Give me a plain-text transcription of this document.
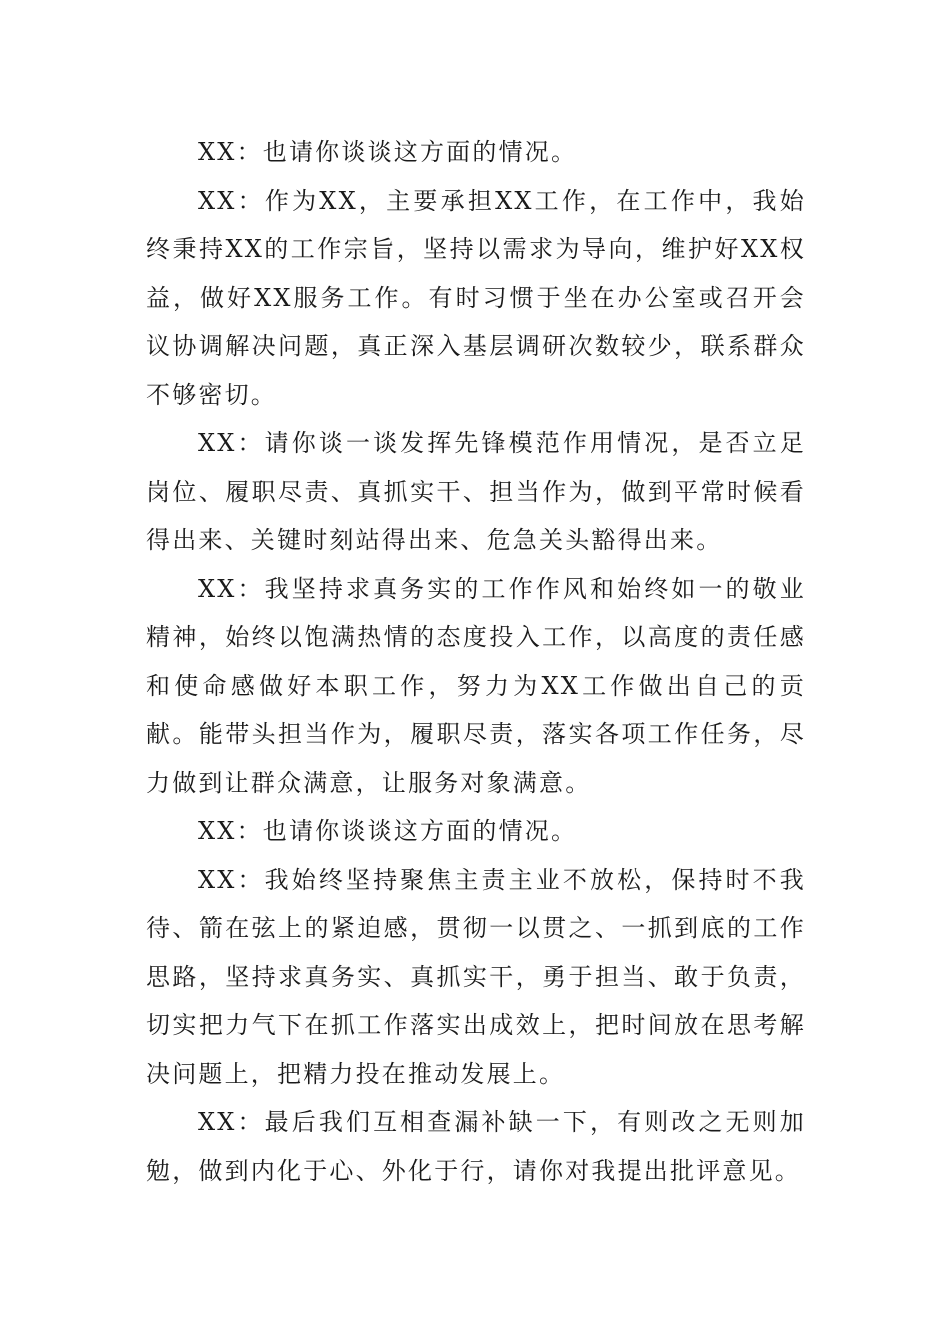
XX：也请你谈谈这方面的情况。

XX：作为XX，主要承担XX工作，在工作中，我始终秉持XX的工作宗旨，坚持以需求为导向，维护好XX权益，做好XX服务工作。有时习惯于坐在办公室或召开会议协调解决问题，真正深入基层调研次数较少，联系群众不够密切。

XX：请你谈一谈发挥先锋模范作用情况，是否立足岗位、履职尽责、真抓实干、担当作为，做到平常时候看得出来、关键时刻站得出来、危急关头豁得出来。

XX：我坚持求真务实的工作作风和始终如一的敬业精神，始终以饱满热情的态度投入工作，以高度的责任感和使命感做好本职工作，努力为XX工作做出自己的贡献。能带头担当作为，履职尽责，落实各项工作任务，尽力做到让群众满意，让服务对象满意。

XX：也请你谈谈这方面的情况。

XX：我始终坚持聚焦主责主业不放松，保持时不我待、箭在弦上的紧迫感，贯彻一以贯之、一抓到底的工作思路，坚持求真务实、真抓实干，勇于担当、敢于负责，切实把力气下在抓工作落实出成效上，把时间放在思考解决问题上，把精力投在推动发展上。

XX：最后我们互相查漏补缺一下，有则改之无则加勉，做到内化于心、外化于行，请你对我提出批评意见。
